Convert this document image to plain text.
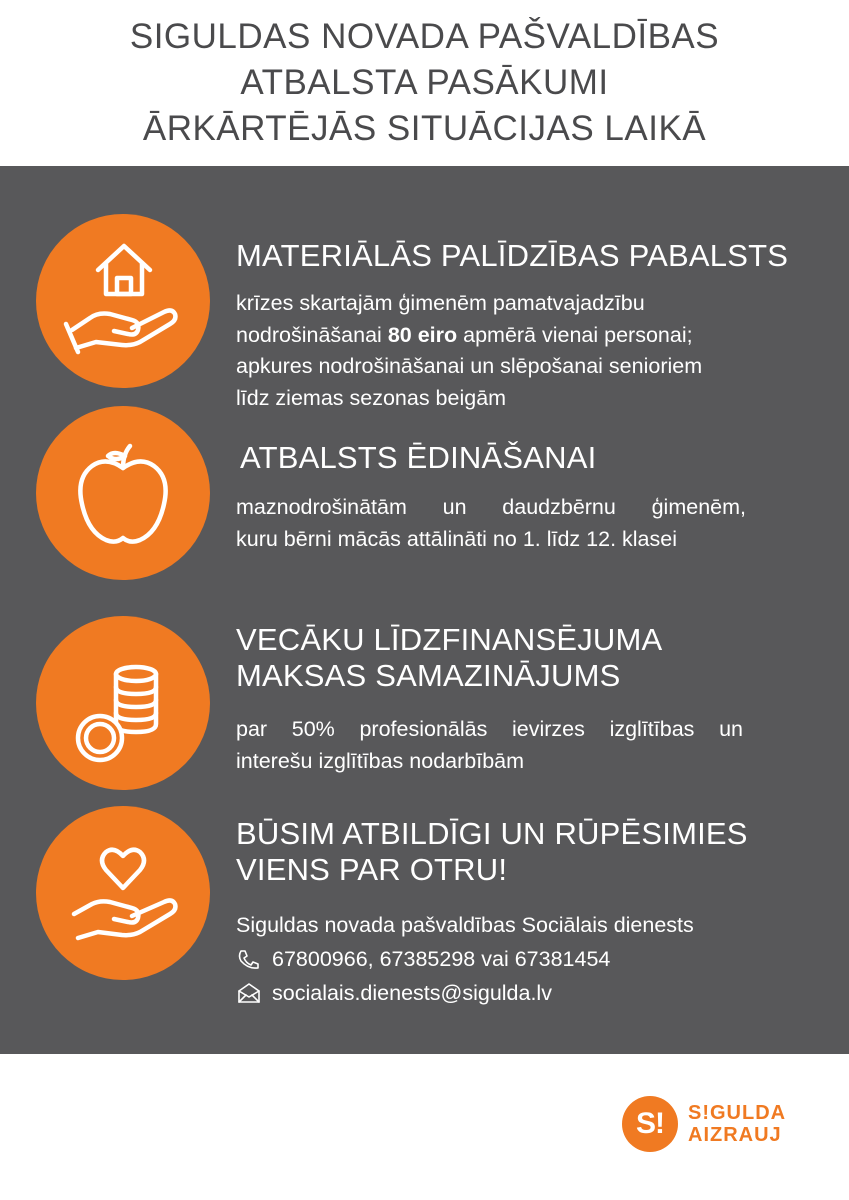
SIGULDAS NOVADA PAŠVALDĪBAS
ATBALSTA PASĀKUMI
ĀRKĀRTĒJĀS SITUĀCIJAS LAIKĀ
MATERIĀLĀS PALĪDZĪBAS PABALSTS
krīzes skartajām ģimenēm pamatvajadzību
nodrošināšanai 80 eiro apmērā vienai personai;
apkures nodrošināšanai un slēpošanai senioriem
līdz ziemas sezonas beigām
ATBALSTS ĒDINĀŠANAI
maznodrošinātām un daudzbērnu ģimenēm,
kuru bērni mācās attālināti no 1. līdz 12. klasei
VECĀKU LĪDZFINANSĒJUMA
MAKSAS SAMAZINĀJUMS
par 50% profesionālās ievirzes izglītības un
interešu izglītības nodarbībām
BŪSIM ATBILDĪGI UN RŪPĒSIMIES
VIENS PAR OTRU!
Siguldas novada pašvaldības Sociālais dienests
67800966, 67385298 vai 67381454
socialais.dienests@sigulda.lv
S!	S!GULDA
AIZRAUJ
